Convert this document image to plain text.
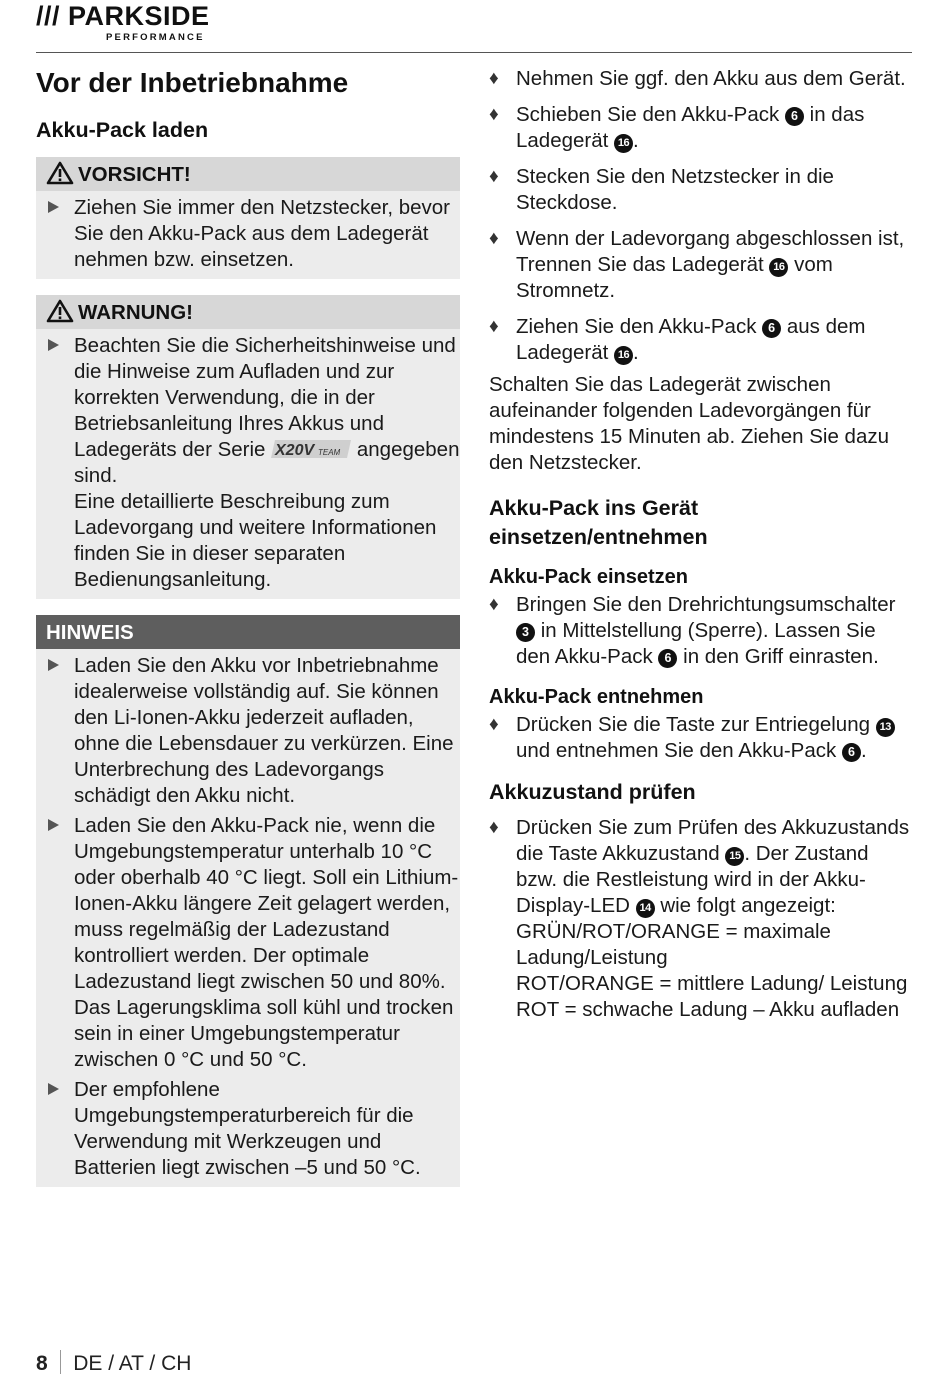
/// PARKSIDE
PERFORMANCE
Vor der Inbetriebnahme
Akku-Pack laden
VORSICHT!
Ziehen Sie immer den Netzstecker, bevor Sie den Akku-Pack aus dem Ladegerät nehmen bzw. einsetzen.
WARNUNG!
Beachten Sie die Sicherheitshinweise und die Hinweise zum Aufladen und zur korrekten Verwendung, die in der Betriebsanleitung Ihres Akkus und Ladegeräts der Serie X20V TEAM angegeben sind.
Eine detaillierte Beschreibung zum Ladevorgang und weitere Informationen finden Sie in dieser separaten Bedienungsanleitung.
HINWEIS
Laden Sie den Akku vor Inbetriebnahme idealerweise vollständig auf. Sie können den Li-Ionen-Akku jederzeit aufladen, ohne die Lebensdauer zu verkürzen. Eine Unterbrechung des Ladevorgangs schädigt den Akku nicht.
Laden Sie den Akku-Pack nie, wenn die Umgebungstemperatur unterhalb 10 °C oder oberhalb 40 °C liegt. Soll ein Lithium-Ionen-Akku längere Zeit gelagert werden, muss regelmäßig der Ladezustand kontrolliert werden. Der optimale Ladezustand liegt zwischen 50 und 80%. Das Lagerungsklima soll kühl und trocken sein in einer Umgebungstemperatur zwischen 0 °C und 50 °C.
Der empfohlene Umgebungstemperaturbereich für die Verwendung mit Werkzeugen und Batterien liegt zwischen –5 und 50 °C.
♦ Nehmen Sie ggf. den Akku aus dem Gerät.
♦ Schieben Sie den Akku-Pack 6 in das Ladegerät 16 .
♦ Stecken Sie den Netzstecker in die Steckdose.
♦ Wenn der Ladevorgang abgeschlossen ist, Trennen Sie das Ladegerät 16 vom Stromnetz.
♦ Ziehen Sie den Akku-Pack 6 aus dem Ladegerät 16 .
Schalten Sie das Ladegerät zwischen aufeinander folgenden Ladevorgängen für mindestens 15 Minuten ab. Ziehen Sie dazu den Netzstecker.
Akku-Pack ins Gerät einsetzen/entnehmen
Akku-Pack einsetzen
♦ Bringen Sie den Drehrichtungsumschalter 3 in Mittelstellung (Sperre). Lassen Sie den Akku-Pack 6 in den Griff einrasten.
Akku-Pack entnehmen
♦ Drücken Sie die Taste zur Entriegelung 13 und entnehmen Sie den Akku-Pack 6 .
Akkuzustand prüfen
♦ Drücken Sie zum Prüfen des Akkuzustands die Taste Akkuzustand 15 . Der Zustand bzw. die Restleistung wird in der Akku-Display-LED 14 wie folgt angezeigt:
GRÜN/ROT/ORANGE = maximale Ladung/Leistung
ROT/ORANGE = mittlere Ladung/ Leistung
ROT = schwache Ladung – Akku aufladen
8 DE / AT / CH
